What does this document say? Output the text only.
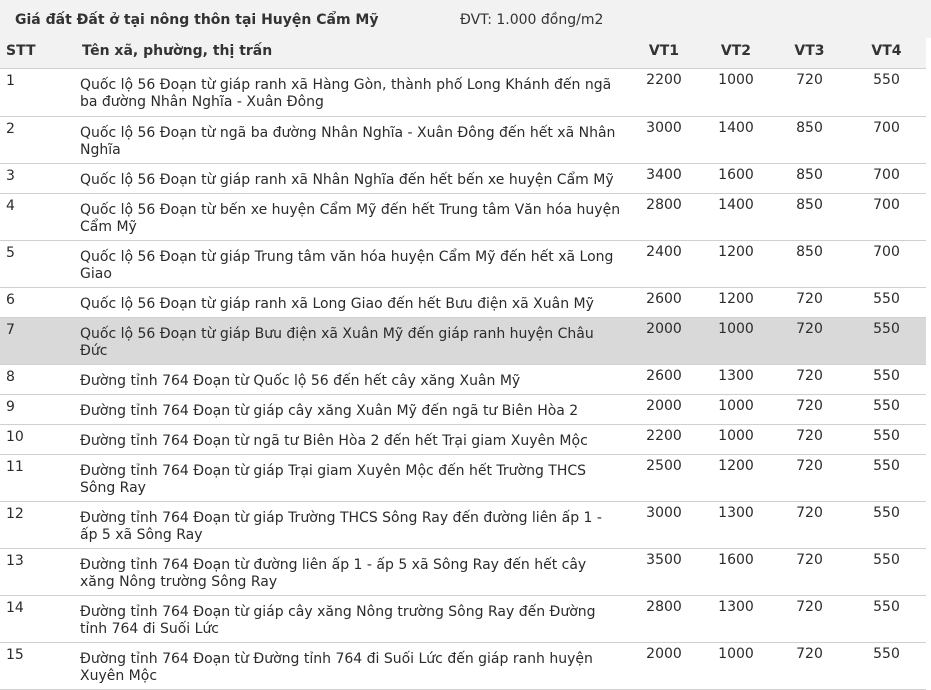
Giá đất Đất ở tại nông thôn tại Huyện Cẩm Mỹ	ĐVT: 1.000 đồng/m2
STT	Tên xã, phường, thị trấn	VT1	VT2	VT3	VT4
1	Quốc lộ 56 Đoạn từ giáp ranh xã Hàng Gòn, thành phố Long Khánh đến ngã ba đường Nhân Nghĩa - Xuân Đông	2200	1000	720	550
2	Quốc lộ 56 Đoạn từ ngã ba đường Nhân Nghĩa - Xuân Đông đến hết xã Nhân Nghĩa	3000	1400	850	700
3	Quốc lộ 56 Đoạn từ giáp ranh xã Nhân Nghĩa đến hết bến xe huyện Cẩm Mỹ	3400	1600	850	700
4	Quốc lộ 56 Đoạn từ bến xe huyện Cẩm Mỹ đến hết Trung tâm Văn hóa huyện Cẩm Mỹ	2800	1400	850	700
5	Quốc lộ 56 Đoạn từ giáp Trung tâm văn hóa huyện Cẩm Mỹ đến hết xã Long Giao	2400	1200	850	700
6	Quốc lộ 56 Đoạn từ giáp ranh xã Long Giao đến hết Bưu điện xã Xuân Mỹ	2600	1200	720	550
7	Quốc lộ 56 Đoạn từ giáp Bưu điện xã Xuân Mỹ đến giáp ranh huyện Châu Đức	2000	1000	720	550
8	Đường tỉnh 764 Đoạn từ Quốc lộ 56 đến hết cây xăng Xuân Mỹ	2600	1300	720	550
9	Đường tỉnh 764 Đoạn từ giáp cây xăng Xuân Mỹ đến ngã tư Biên Hòa 2	2000	1000	720	550
10	Đường tỉnh 764 Đoạn từ ngã tư Biên Hòa 2 đến hết Trại giam Xuyên Mộc	2200	1000	720	550
11	Đường tỉnh 764 Đoạn từ giáp Trại giam Xuyên Mộc đến hết Trường THCS Sông Ray	2500	1200	720	550
12	Đường tỉnh 764 Đoạn từ giáp Trường THCS Sông Ray đến đường liên ấp 1 - ấp 5 xã Sông Ray	3000	1300	720	550
13	Đường tỉnh 764 Đoạn từ đường liên ấp 1 - ấp 5 xã Sông Ray đến hết cây xăng Nông trường Sông Ray	3500	1600	720	550
14	Đường tỉnh 764 Đoạn từ giáp cây xăng Nông trường Sông Ray đến Đường tỉnh 764 đi Suối Lức	2800	1300	720	550
15	Đường tỉnh 764 Đoạn từ Đường tỉnh 764 đi Suối Lức đến giáp ranh huyện Xuyên Mộc	2000	1000	720	550
